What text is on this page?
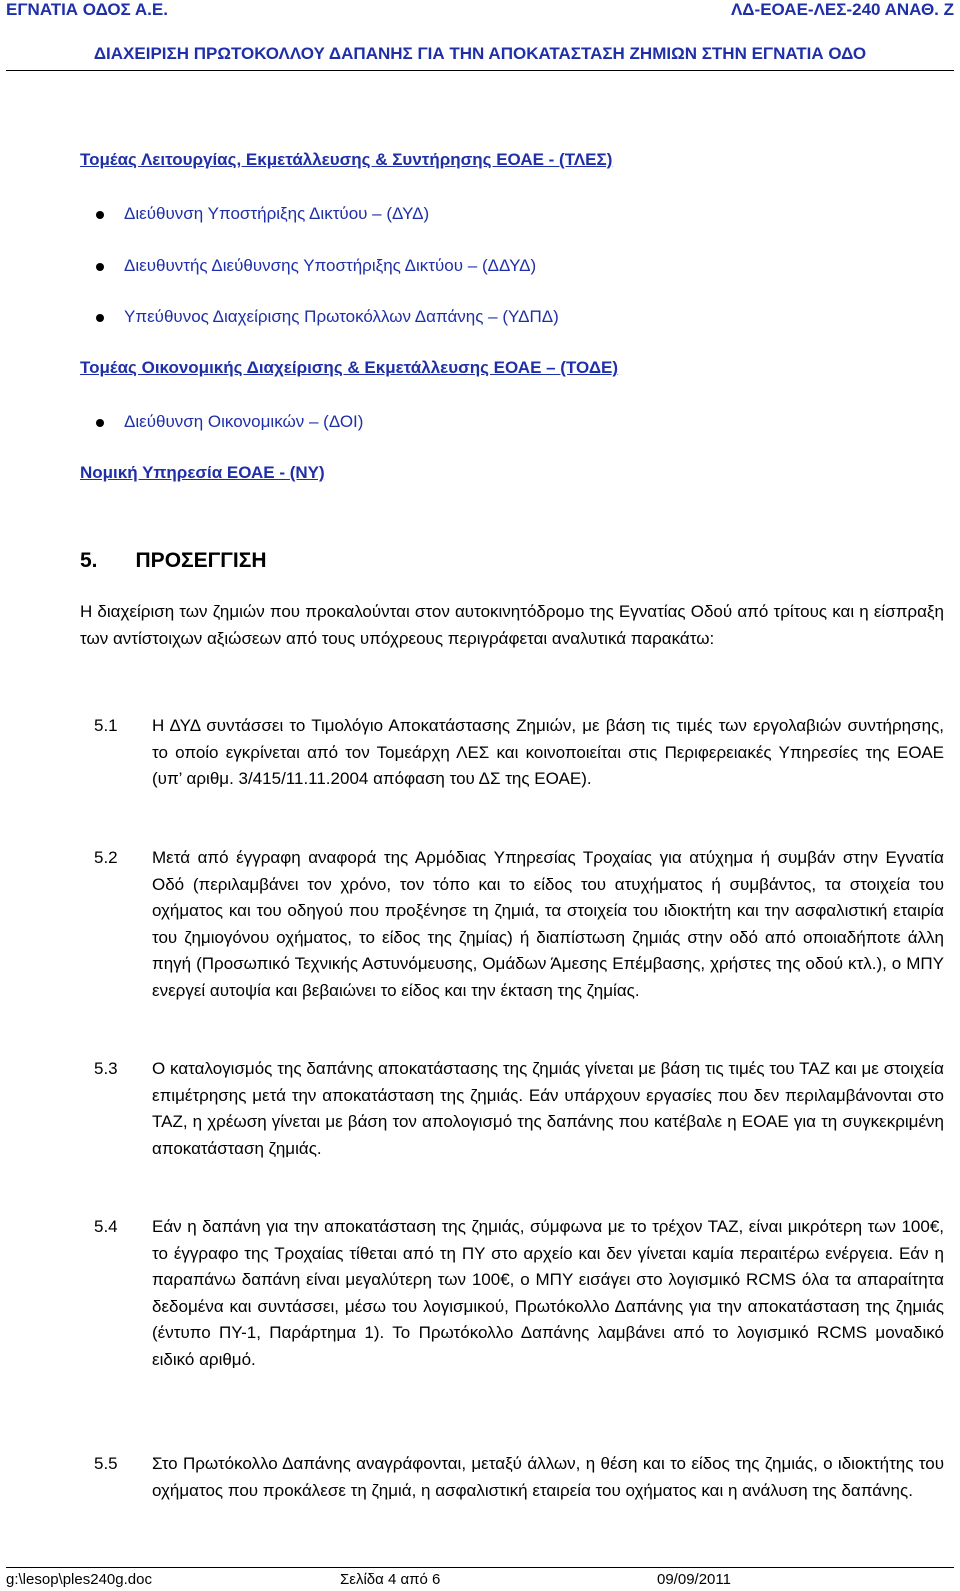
ΕΓΝΑΤΙΑ ΟΔΟΣ Α.Ε.	ΛΔ-ΕΟΑΕ-ΛΕΣ-240 ΑΝΑΘ. Ζ
ΔΙΑΧΕΙΡΙΣΗ ΠΡΩΤΟΚΟΛΛΟΥ ΔΑΠΑΝΗΣ ΓΙΑ ΤΗΝ ΑΠΟΚΑΤΑΣΤΑΣΗ ΖΗΜΙΩΝ ΣΤΗΝ ΕΓΝΑΤΙΑ ΟΔΟ
Τομέας Λειτουργίας, Εκμετάλλευσης & Συντήρησης ΕΟΑΕ - (ΤΛΕΣ)
Διεύθυνση Υποστήριξης Δικτύου – (ΔΥΔ)
Διευθυντής Διεύθυνσης Υποστήριξης Δικτύου – (ΔΔΥΔ)
Υπεύθυνος Διαχείρισης Πρωτοκόλλων Δαπάνης – (ΥΔΠΔ)
Τομέας Οικονομικής Διαχείρισης & Εκμετάλλευσης ΕΟΑΕ – (ΤΟΔΕ)
Διεύθυνση Οικονομικών – (ΔΟΙ)
Νομική Υπηρεσία ΕΟΑΕ - (ΝΥ)
5. ΠΡΟΣΕΓΓΙΣΗ
Η διαχείριση των ζημιών που προκαλούνται στον αυτοκινητόδρομο της Εγνατίας Οδού από τρίτους και η είσπραξη των αντίστοιχων αξιώσεων από τους υπόχρεους περιγράφεται αναλυτικά παρακάτω:
5.1 Η ΔΥΔ συντάσσει το Τιμολόγιο Αποκατάστασης Ζημιών, με βάση τις τιμές των εργολαβιών συντήρησης, το οποίο εγκρίνεται από τον Τομεάρχη ΛΕΣ και κοινοποιείται στις Περιφερειακές Υπηρεσίες της ΕΟΑΕ (υπ’ αριθμ. 3/415/11.11.2004 απόφαση του ΔΣ της ΕΟΑΕ).
5.2 Μετά από έγγραφη αναφορά της Αρμόδιας Υπηρεσίας Τροχαίας για ατύχημα ή συμβάν στην Εγνατία Οδό (περιλαμβάνει τον χρόνο, τον τόπο και το είδος του ατυχήματος ή συμβάντος, τα στοιχεία του οχήματος και του οδηγού που προξένησε τη ζημιά, τα στοιχεία του ιδιοκτήτη και την ασφαλιστική εταιρία του ζημιογόνου οχήματος, το είδος της ζημίας) ή διαπίστωση ζημιάς στην οδό από οποιαδήποτε άλλη πηγή (Προσωπικό Τεχνικής Αστυνόμευσης, Ομάδων Άμεσης Επέμβασης, χρήστες της οδού κτλ.), ο ΜΠΥ ενεργεί αυτοψία και βεβαιώνει το είδος και την έκταση της ζημίας.
5.3 Ο καταλογισμός της δαπάνης αποκατάστασης της ζημιάς γίνεται με βάση τις τιμές του ΤΑΖ και με στοιχεία επιμέτρησης μετά την αποκατάσταση της ζημιάς. Εάν υπάρχουν εργασίες που δεν περιλαμβάνονται στο ΤΑΖ, η χρέωση γίνεται με βάση τον απολογισμό της δαπάνης που κατέβαλε η ΕΟΑΕ για τη συγκεκριμένη αποκατάσταση ζημιάς.
5.4 Εάν η δαπάνη για την αποκατάσταση της ζημιάς, σύμφωνα με το τρέχον ΤΑΖ, είναι μικρότερη των 100€, το έγγραφο της Τροχαίας τίθεται από τη ΠΥ στο αρχείο και δεν γίνεται καμία περαιτέρω ενέργεια. Εάν η παραπάνω δαπάνη είναι μεγαλύτερη των 100€, ο ΜΠΥ εισάγει στο λογισμικό RCMS όλα τα απαραίτητα δεδομένα και συντάσσει, μέσω του λογισμικού, Πρωτόκολλο Δαπάνης για την αποκατάσταση της ζημιάς (έντυπο ΠΥ-1, Παράρτημα 1). Το Πρωτόκολλο Δαπάνης λαμβάνει από το λογισμικό RCMS μοναδικό ειδικό αριθμό.
5.5 Στο Πρωτόκολλο Δαπάνης αναγράφονται, μεταξύ άλλων, η θέση και το είδος της ζημιάς, ο ιδιοκτήτης του οχήματος που προκάλεσε τη ζημιά, η ασφαλιστική εταιρεία του οχήματος και η ανάλυση της δαπάνης.
g:\lesop\ples240g.doc	Σελίδα 4 από 6	09/09/2011
